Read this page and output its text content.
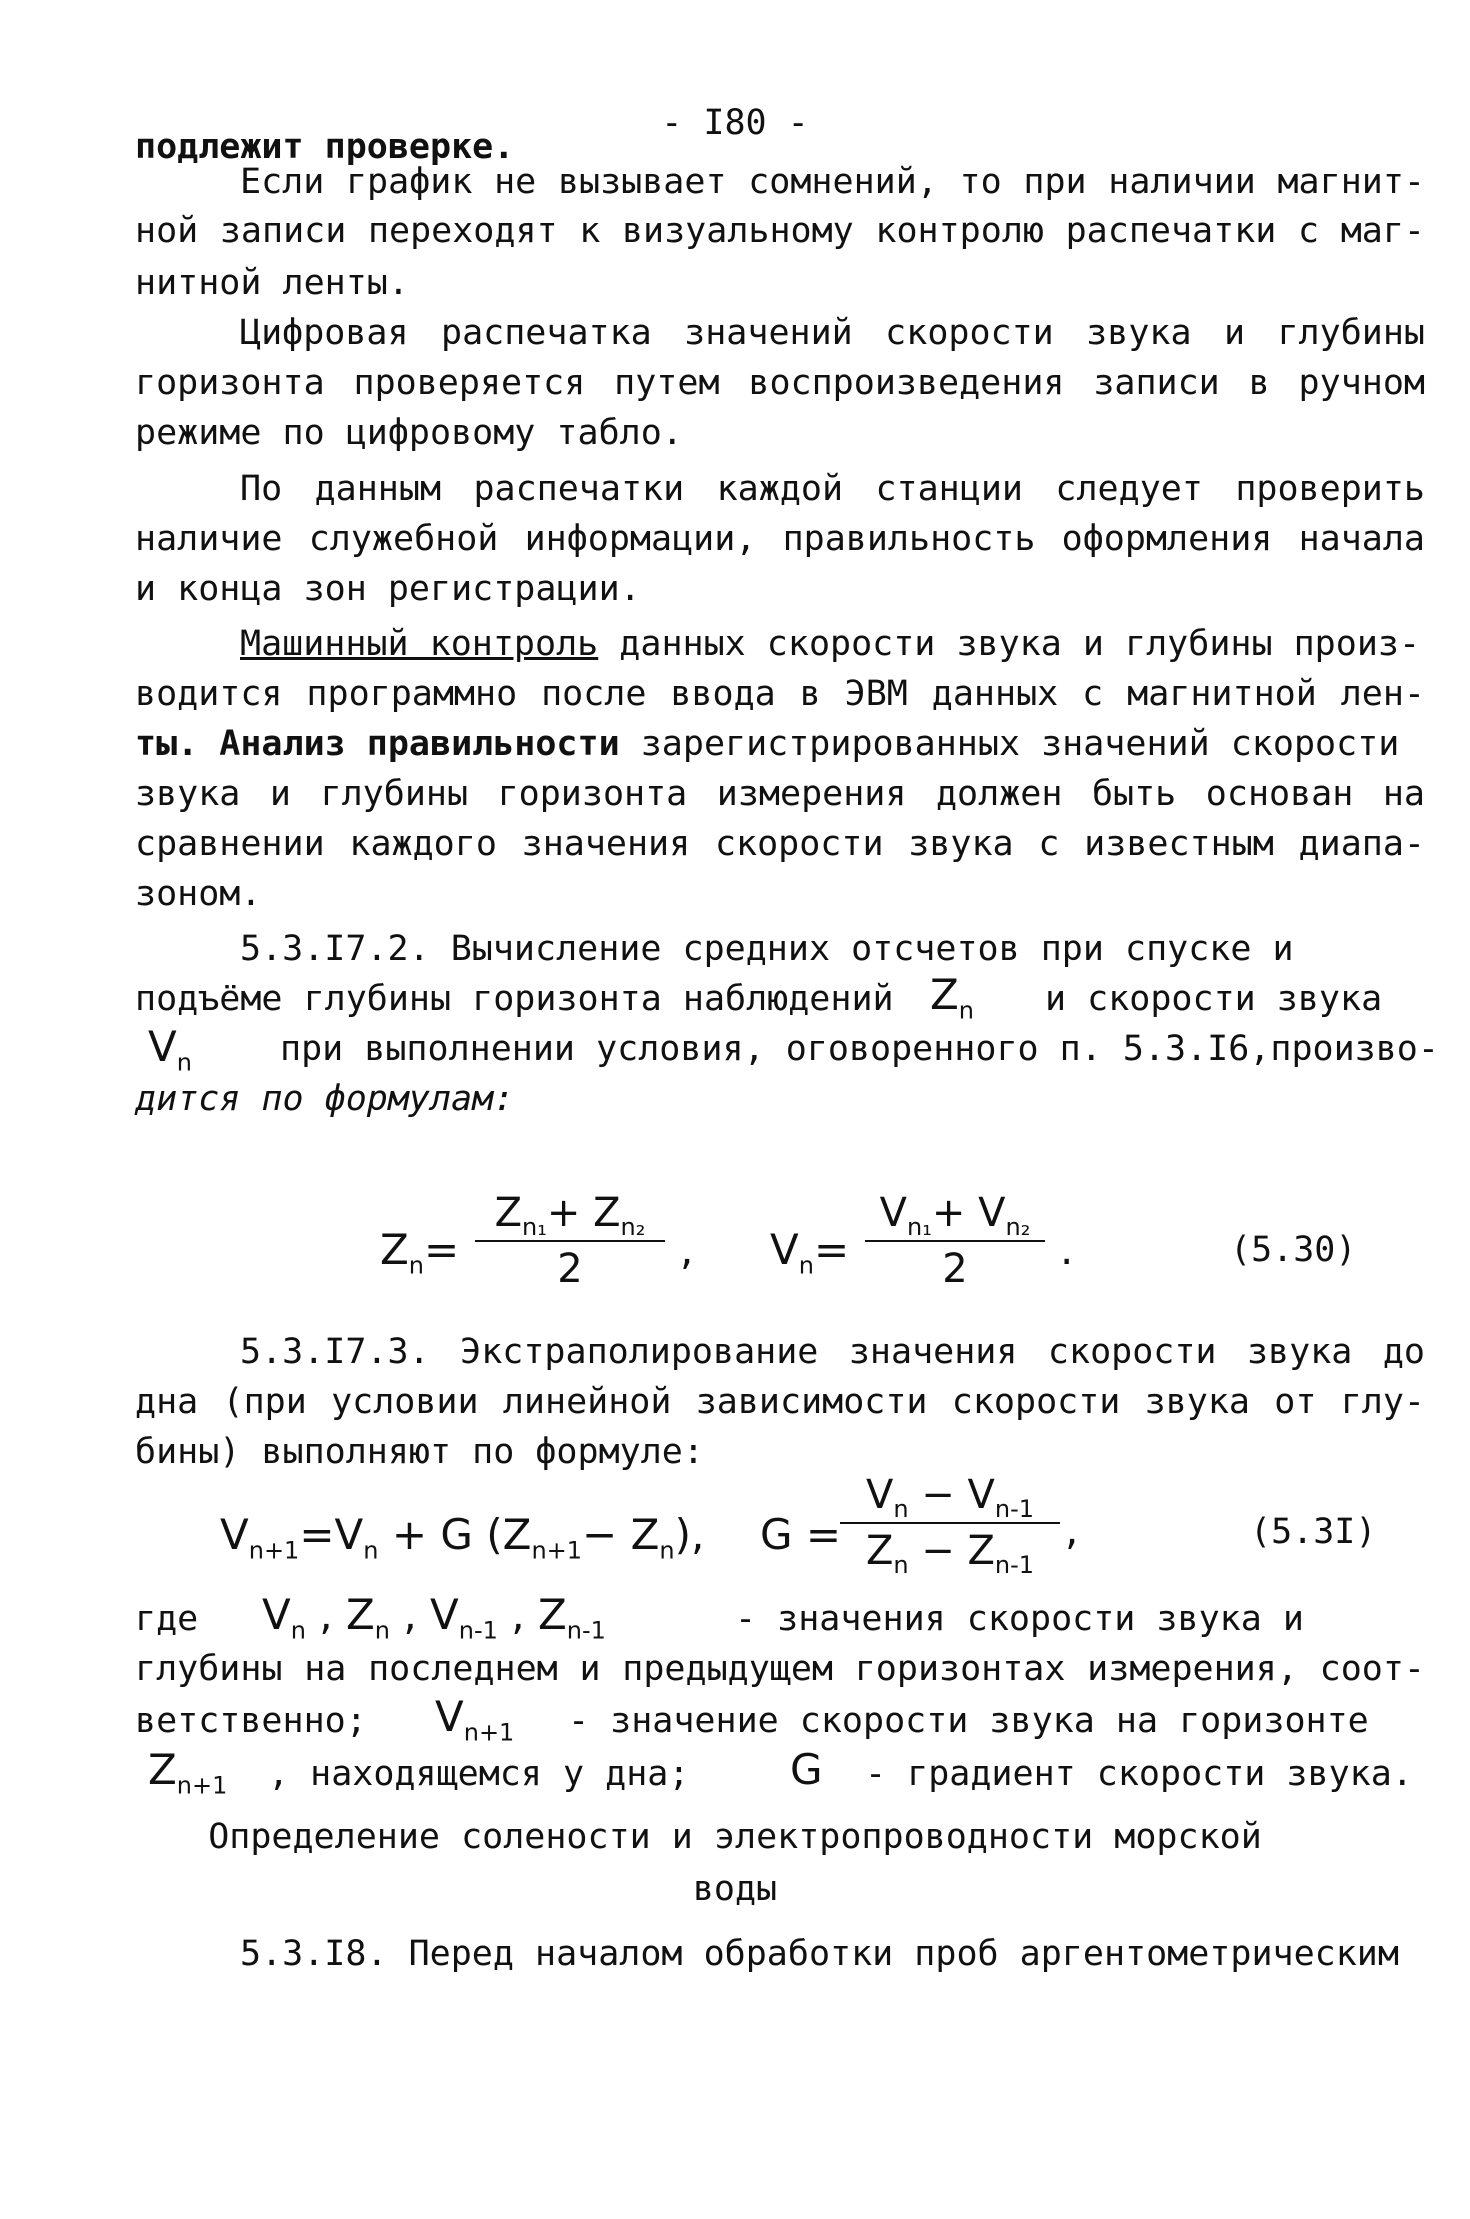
- I80 -
подлежит проверке.
Если график не вызывает сомнений, то при наличии магнит-
ной записи переходят к визуальному контролю распечатки с маг-
нитной ленты.
Цифровая распечатка значений скорости звука и глубины
горизонта проверяется путем воспроизведения записи в ручном
режиме по цифровому табло.
По данным распечатки каждой станции следует проверить
наличие служебной информации, правильность оформления начала
и конца зон регистрации.
Машинный контроль данных скорости звука и глубины произ-
водится программно после ввода в ЭВМ данных с магнитной лен-
ты. Анализ правильности зарегистрированных значений скорости
звука и глубины горизонта измерения должен быть основан на
сравнении каждого значения скорости звука с известным диапа-
зоном.
5.3.I7.2. Вычисление средних отсчетов при спуске и
подъёме глубины горизонта наблюдений $Z_n$ и скорости звука
$V_n$	при выполнении условия, оговоренного п. 5.3.I6,произво-
дится по формулам:
$Z_n=$
$Z_{n_1}+ Z_{n_2}$
2	, $V_n=$
$V_{n_1}+ V_{n_2}$
2	.	(5.30)
5.3.I7.3. Экстраполирование значения скорости звука до
дна (при условии линейной зависимости скорости звука от глу-
бины) выполняют по формуле:
$V_{n+1}=V_n + G$ $(Z_{n+1}- Z_n)$, G =
$V_n - V_{n-1}$
$Z_n - Z_{n-1}$
,	(5.3I)
где $V_n$ , $Z_n$ , $V_{n-1}$ , $Z_{n-1}$	- значения скорости звука и
глубины на последнем и предыдущем горизонтах измерения, соот-
ветственно; $V_{n+1}$ - значение скорости звука на горизонте
$Z_{n+1}$ , находящемся у дна; G - градиент скорости звука.
Определение солености и электропроводности морской
воды
5.3.I8. Перед началом обработки проб аргентометрическим
